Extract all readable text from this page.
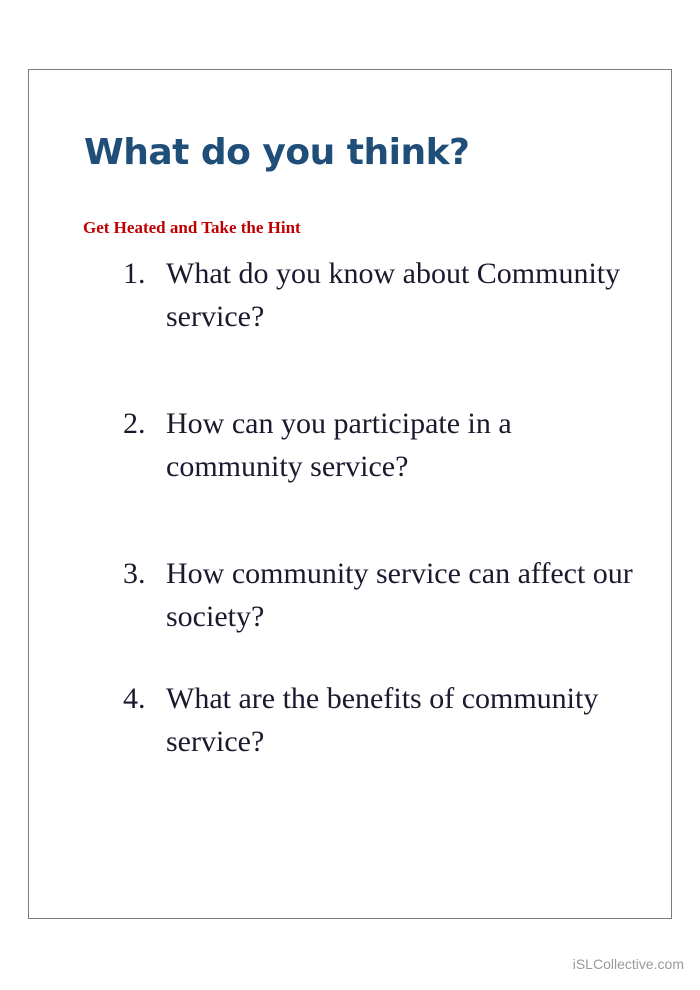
What do you think?

Get Heated and Take the Hint

1. What do you know about Community service?
2. How can you participate in a community service?
3. How community service can affect our society?
4. What are the benefits of community service?
iSLCollective.com
